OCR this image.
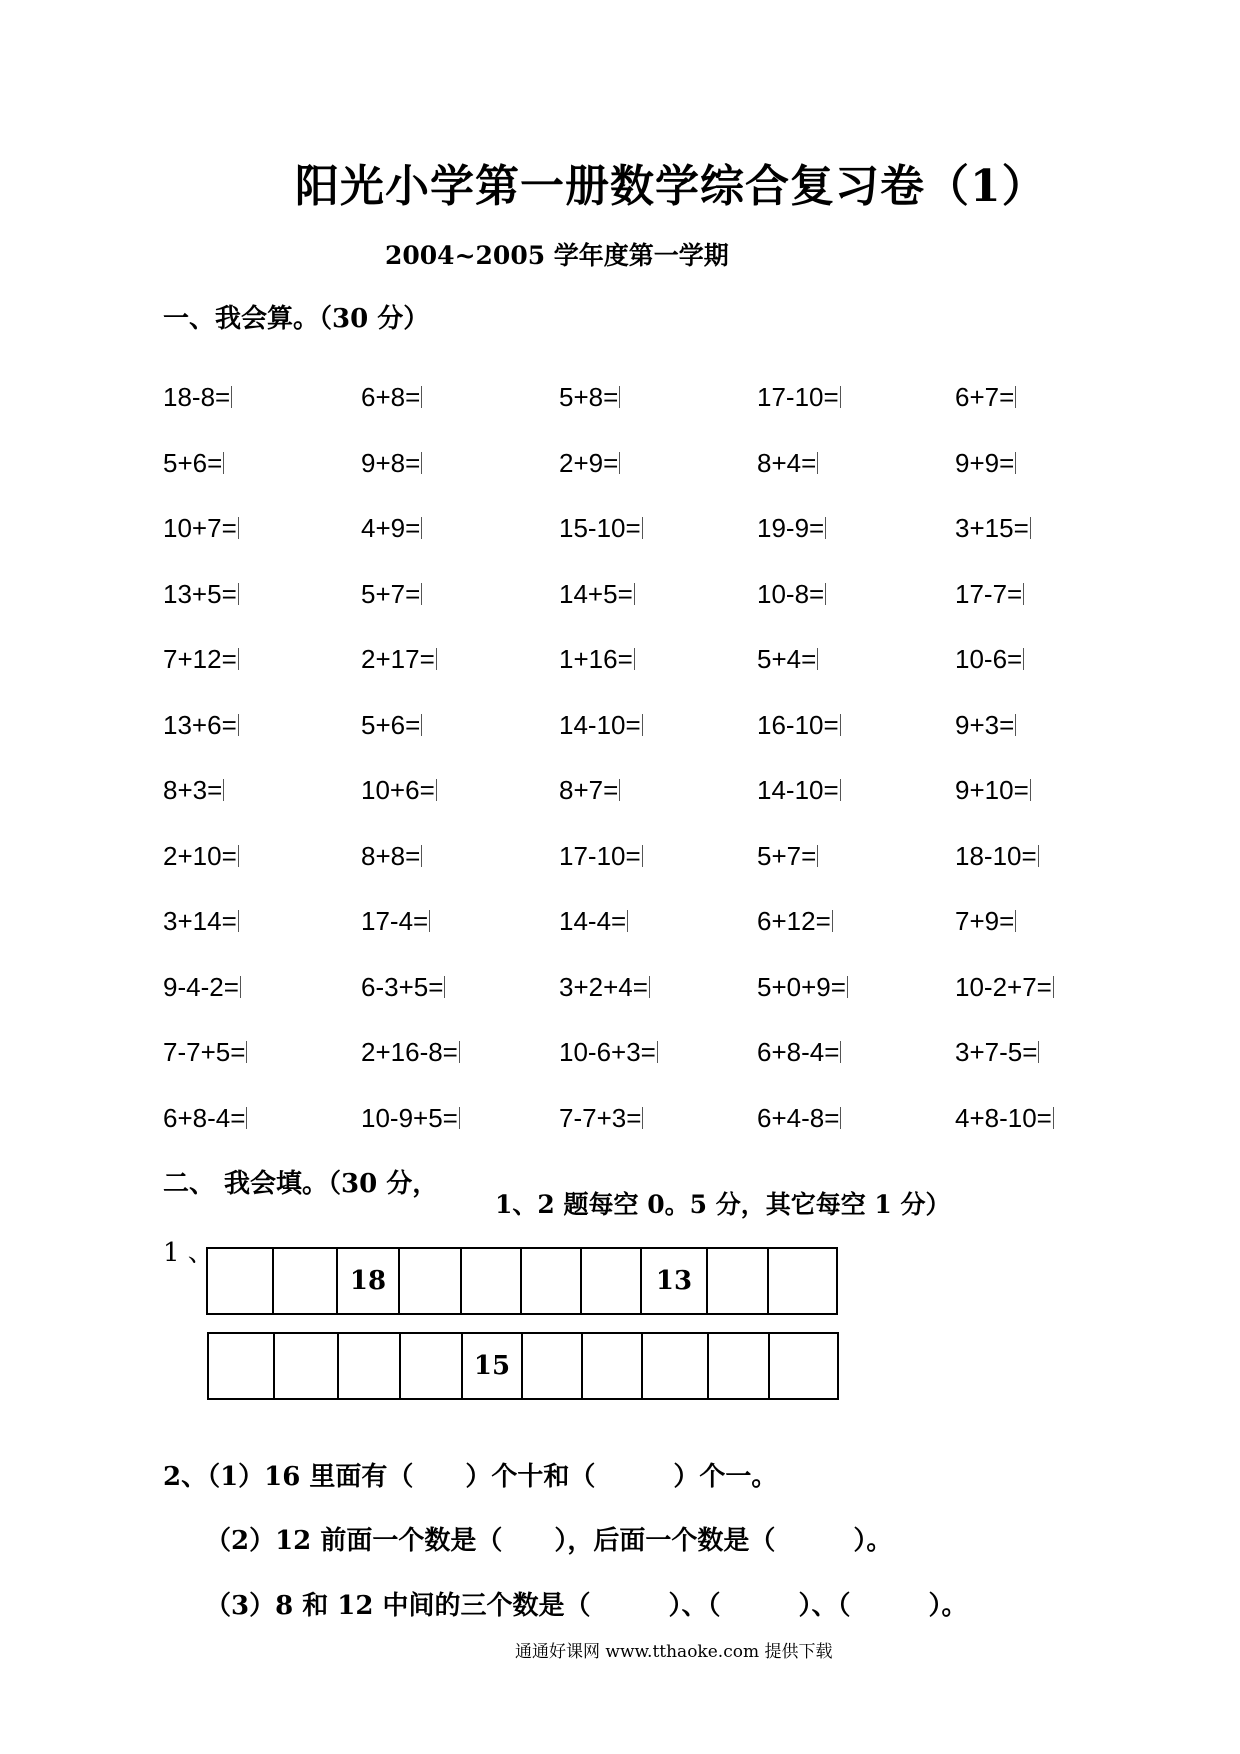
阳光小学第一册数学综合复习卷（1）
2004~2005 学年度第一学期
一、我会算。（30 分）
18-8=	6+8=	5+8=	17-10=	6+7=
5+6=	9+8=	2+9=	8+4=	9+9=
10+7=	4+9=	15-10=	19-9=	3+15=
13+5=	5+7=	14+5=	10-8=	17-7=
7+12=	2+17=	1+16=	5+4=	10-6=
13+6=	5+6=	14-10=	16-10=	9+3=
8+3=	10+6=	8+7=	14-10=	9+10=
2+10=	8+8=	17-10=	5+7=	18-10=
3+14=	17-4=	14-4=	6+12=	7+9=
9-4-2=	6-3+5=	3+2+4=	5+0+9=	10-2+7=
7-7+5=	2+16-8=	10-6+3=	6+8-4=	3+7-5=
6+8-4=	10-9+5=	7-7+3=	6+4-8=	4+8-10=
二、 我会填。（30 分，
1、2 题每空 0。5 分，其它每空 1 分）
1 、
18	13
15
2、（1）16 里面有（　　）个十和（　　　）个一。
（2）12 前面一个数是（　　），后面一个数是（　　　）。
（3）8 和 12 中间的三个数是（　　　）、（　　　）、（　　　）。
通通好课网 www.tthaoke.com 提供下载
